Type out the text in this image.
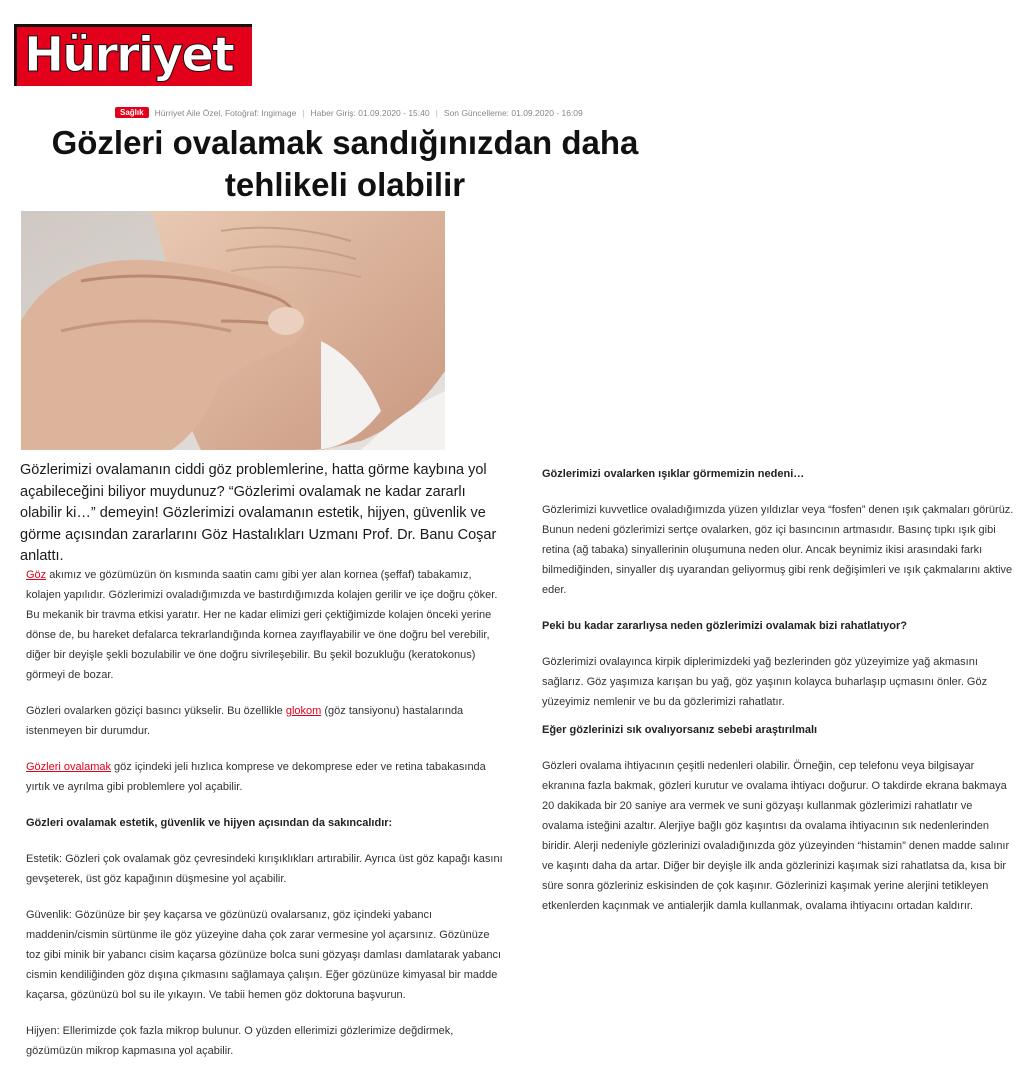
Hürriyet
Sağlık	Hürriyet Aile Özel, Fotoğraf: Ingimage | Haber Giriş: 01.09.2020 - 15:40 | Son Güncelleme: 01.09.2020 - 16:09
Gözleri ovalamak sandığınızdan daha tehlikeli olabilir

Gözlerimizi ovalamanın ciddi göz problemlerine, hatta görme kaybına yol açabileceğini biliyor muydunuz? “Gözlerimi ovalamak ne kadar zararlı olabilir ki…” demeyin! Gözlerimizi ovalamanın estetik, hijyen, güvenlik ve görme açısından zararlarını Göz Hastalıkları Uzmanı Prof. Dr. Banu Coşar anlattı.

Göz akımız ve gözümüzün ön kısmında saatin camı gibi yer alan kornea (şeffaf) tabakamız, kolajen yapılıdır. Gözlerimizi ovaladığımızda ve bastırdığımızda kolajen gerilir ve içe doğru çöker. Bu mekanik bir travma etkisi yaratır. Her ne kadar elimizi geri çektiğimizde kolajen önceki yerine dönse de, bu hareket defalarca tekrarlandığında kornea zayıflayabilir ve öne doğru bel verebilir, diğer bir deyişle şekli bozulabilir ve öne doğru sivrileşebilir. Bu şekil bozukluğu (keratokonus) görmeyi de bozar.

Gözleri ovalarken göziçi basıncı yükselir. Bu özellikle glokom (göz tansiyonu) hastalarında istenmeyen bir durumdur.

Gözleri ovalamak göz içindeki jeli hızlıca komprese ve dekomprese eder ve retina tabakasında yırtık ve ayrılma gibi problemlere yol açabilir.

Gözleri ovalamak estetik, güvenlik ve hijyen açısından da sakıncalıdır:

Estetik: Gözleri çok ovalamak göz çevresindeki kırışıklıkları artırabilir. Ayrıca üst göz kapağı kasını gevşeterek, üst göz kapağının düşmesine yol açabilir.

Güvenlik: Gözünüze bir şey kaçarsa ve gözünüzü ovalarsanız, göz içindeki yabancı maddenin/cismin sürtünme ile göz yüzeyine daha çok zarar vermesine yol açarsınız. Gözünüze toz gibi minik bir yabancı cisim kaçarsa gözünüze bolca suni gözyaşı damlası damlatarak yabancı cismin kendiliğinden göz dışına çıkmasını sağlamaya çalışın. Eğer gözünüze kimyasal bir madde kaçarsa, gözünüzü bol su ile yıkayın. Ve tabii hemen göz doktoruna başvurun.

Hijyen: Ellerimizde çok fazla mikrop bulunur. O yüzden ellerimizi gözlerimize değdirmek, gözümüzün mikrop kapmasına yol açabilir.

Gözlerimizi ovalarken ışıklar görmemizin nedeni…

Gözlerimizi kuvvetlice ovaladığımızda yüzen yıldızlar veya “fosfen” denen ışık çakmaları görürüz. Bunun nedeni gözlerimizi sertçe ovalarken, göz içi basıncının artmasıdır. Basınç tıpkı ışık gibi retina (ağ tabaka) sinyallerinin oluşumuna neden olur. Ancak beynimiz ikisi arasındaki farkı bilmediğinden, sinyaller dış uyarandan geliyormuş gibi renk değişimleri ve ışık çakmalarını aktive eder.

Peki bu kadar zararlıysa neden gözlerimizi ovalamak bizi rahatlatıyor?

Gözlerimizi ovalayınca kirpik diplerimizdeki yağ bezlerinden göz yüzeyimize yağ akmasını sağlarız. Göz yaşımıza karışan bu yağ, göz yaşının kolayca buharlaşıp uçmasını önler. Göz yüzeyimiz nemlenir ve bu da gözlerimizi rahatlatır.

Eğer gözlerinizi sık ovalıyorsanız sebebi araştırılmalı

Gözleri ovalama ihtiyacının çeşitli nedenleri olabilir. Örneğin, cep telefonu veya bilgisayar ekranına fazla bakmak, gözleri kurutur ve ovalama ihtiyacı doğurur. O takdirde ekrana bakmaya 20 dakikada bir 20 saniye ara vermek ve suni gözyaşı kullanmak gözlerimizi rahatlatır ve ovalama isteğini azaltır. Alerjiye bağlı göz kaşıntısı da ovalama ihtiyacının sık nedenlerinden biridir. Alerji nedeniyle gözlerinizi ovaladığınızda göz yüzeyinden “histamin” denen madde salınır ve kaşıntı daha da artar. Diğer bir deyişle ilk anda gözlerinizi kaşımak sizi rahatlatsa da, kısa bir süre sonra gözleriniz eskisinden de çok kaşınır. Gözlerinizi kaşımak yerine alerjini tetikleyen etkenlerden kaçınmak ve antialerjik damla kullanmak, ovalama ihtiyacını ortadan kaldırır.
